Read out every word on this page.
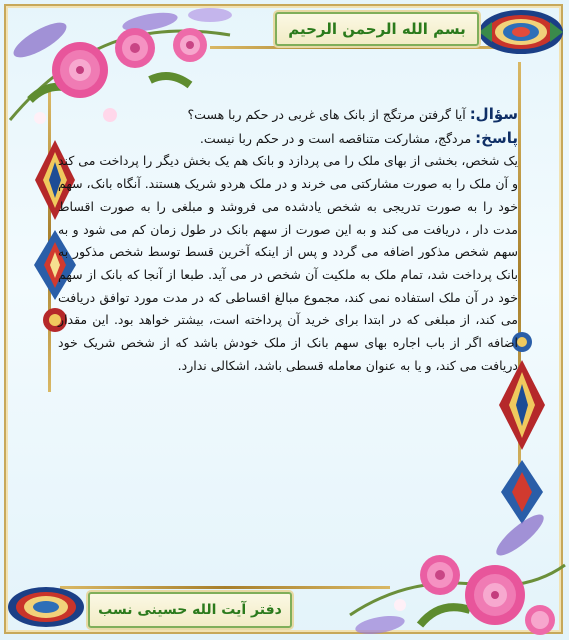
بسم الله الرحمن الرحيم

سؤال: آیا گرفتن مرتگج از بانک های غربی در حکم ربا هست؟

پاسخ: مردگج، مشارکت متناقصه است و در حکم ربا نیست.

یک شخص، بخشی از بهای ملک را می پردازد و بانک هم یک بخش دیگر را پرداخت می کند و آن ملک را به صورت مشارکتی می خرند و در ملک هردو شریک هستند. آنگاه بانک، سهم خود را به صورت تدریجی به شخص یادشده می فروشد و مبلغی را به صورت اقساط مدت دار ، دریافت می کند و به این صورت از سهم بانک در طول زمان کم می شود و به سهم شخص مذکور اضافه می گردد و پس از اینکه آخرین قسط توسط شخص مذکور به بانک پرداخت شد، تمام ملک به ملکیت آن شخص در می آید. طبعا از آنجا که بانک از سهم خود در آن ملک استفاده نمی کند، مجموع مبالغ اقساطی که در مدت مورد توافق دریافت می کند، از مبلغی که در ابتدا برای خرید آن پرداخته است، بیشتر خواهد بود. این مقدار اضافه اگر از باب اجاره بهای سهم بانک از ملک خودش باشد که از شخص شریک خود دریافت می کند، و یا به عنوان معامله قسطی باشد، اشکالی ندارد.

دفتر آیت الله حسینی نسب
